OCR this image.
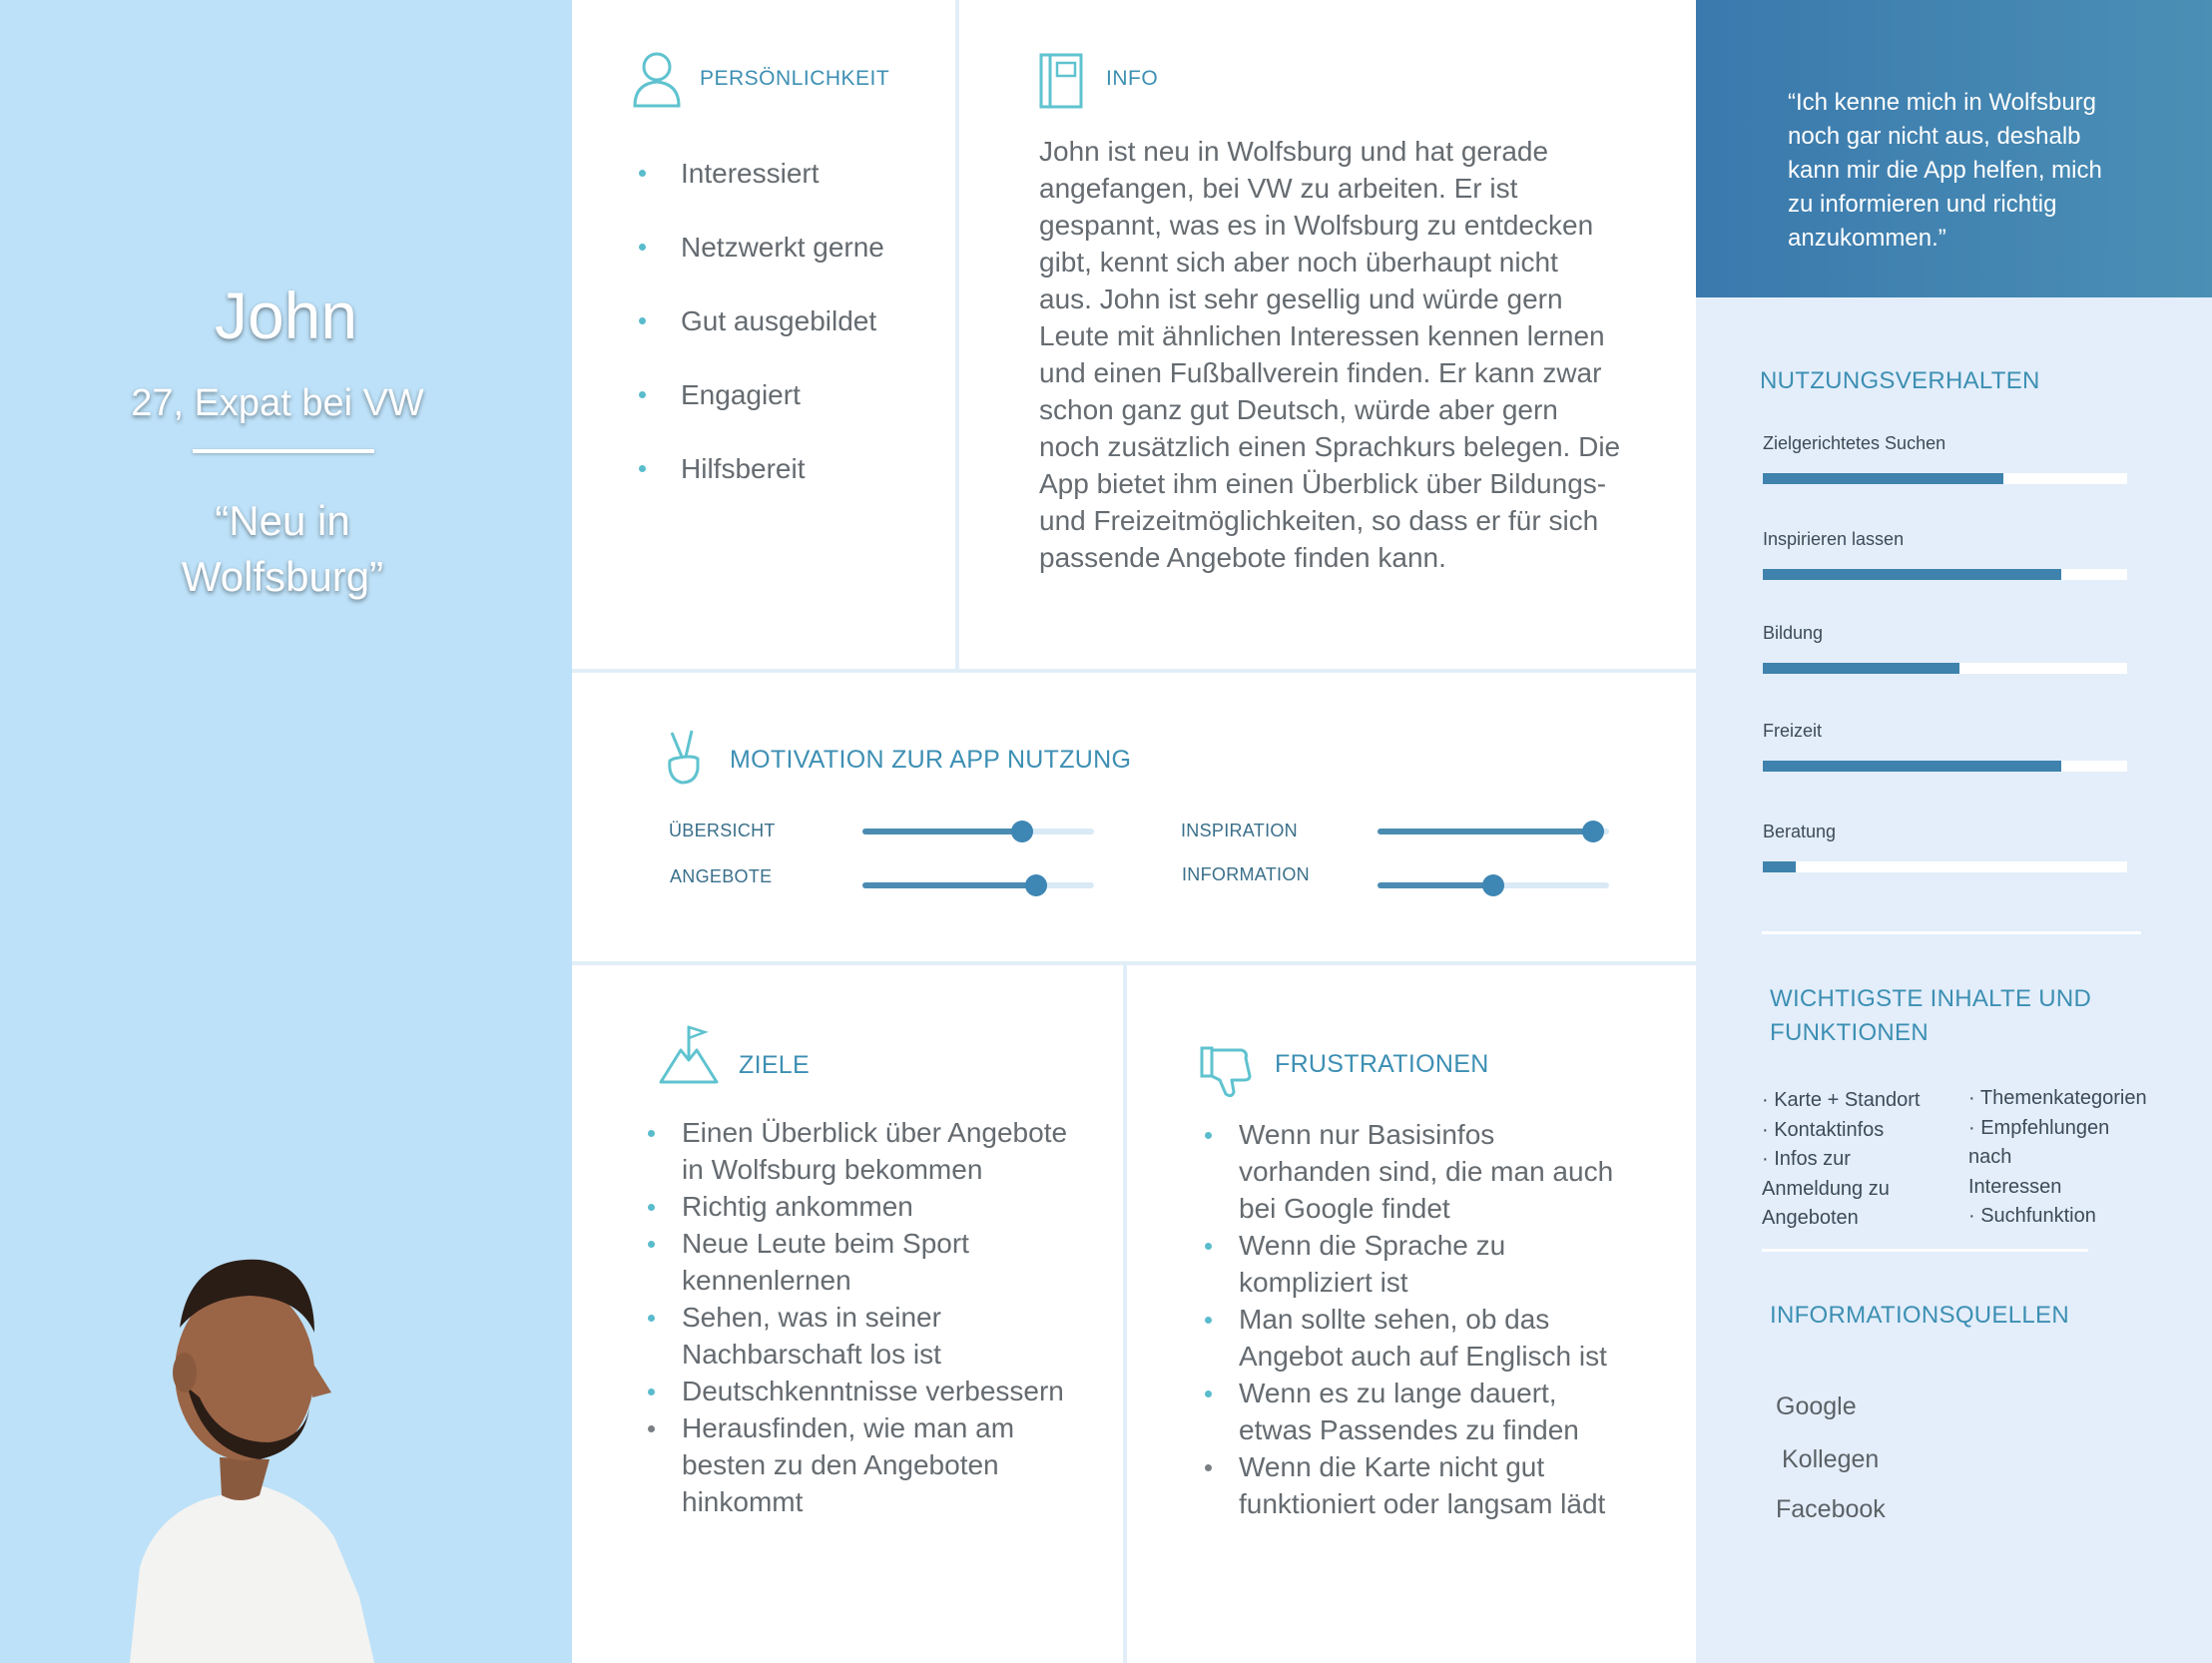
John
27, Expat bei VW
“Neu in
Wolfsburg”
PERSÖNLICHKEIT
Interessiert
Netzwerkt gerne
Gut ausgebildet
Engagiert
Hilfsbereit
INFO
John ist neu in Wolfsburg und hat gerade
angefangen, bei VW zu arbeiten. Er ist
gespannt, was es in Wolfsburg zu entdecken
gibt, kennt sich aber noch überhaupt nicht
aus. John ist sehr gesellig und würde gern
Leute mit ähnlichen Interessen kennen lernen
und einen Fußballverein finden. Er kann zwar
schon ganz gut Deutsch, würde aber gern
noch zusätzlich einen Sprachkurs belegen. Die
App bietet ihm einen Überblick über Bildungs-
und Freizeitmöglichkeiten, so dass er für sich
passende Angebote finden kann.
MOTIVATION ZUR APP NUTZUNG
ÜBERSICHT
ANGEBOTE
INSPIRATION
INFORMATION
ZIELE
Einen Überblick über Angebote
in Wolfsburg bekommen
Richtig ankommen
Neue Leute beim Sport
kennenlernen
Sehen, was in seiner
Nachbarschaft los ist
Deutschkenntnisse verbessern
Herausfinden, wie man am
besten zu den Angeboten
hinkommt
FRUSTRATIONEN
Wenn nur Basisinfos
vorhanden sind, die man auch
bei Google findet
Wenn die Sprache zu
kompliziert ist
Man sollte sehen, ob das
Angebot auch auf Englisch ist
Wenn es zu lange dauert,
etwas Passendes zu finden
Wenn die Karte nicht gut
funktioniert oder langsam lädt
“Ich kenne mich in Wolfsburg
noch gar nicht aus, deshalb
kann mir die App helfen, mich
zu informieren und richtig
anzukommen.”
NUTZUNGSVERHALTEN
Zielgerichtetes Suchen
Inspirieren lassen
Bildung
Freizeit
Beratung
WICHTIGSTE INHALTE UND
FUNKTIONEN
· Karte + Standort
· Kontaktinfos
· Infos zur
Anmeldung zu
Angeboten
· Themenkategorien
· Empfehlungen
nach
Interessen
· Suchfunktion
INFORMATIONSQUELLEN
Google
Kollegen
Facebook
